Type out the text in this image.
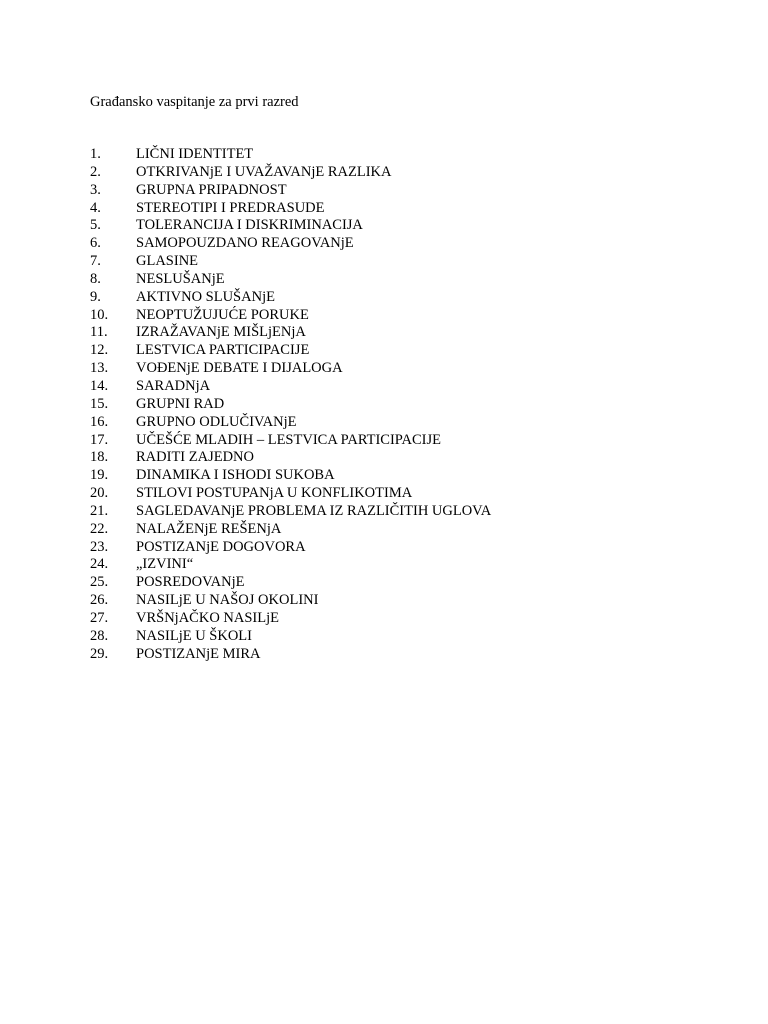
Građansko vaspitanje za prvi razred
1. LIČNI IDENTITET
2. OTKRIVANjE I UVAŽAVANjE RAZLIKA
3. GRUPNA PRIPADNOST
4. STEREOTIPI I PREDRASUDE
5. TOLERANCIJA I DISKRIMINACIJA
6. SAMOPOUZDANO REAGOVANjE
7. GLASINE
8. NESLUŠANjE
9. AKTIVNO SLUŠANjE
10. NEOPTUŽUJUĆE PORUKE
11. IZRAŽAVANjE MIŠLjENjA
12. LESTVICA PARTICIPACIJE
13. VOĐENjE DEBATE I DIJALOGA
14. SARADNjA
15. GRUPNI RAD
16. GRUPNO ODLUČIVANjE
17. UČEŠĆE MLADIH – LESTVICA PARTICIPACIJE
18. RADITI ZAJEDNO
19. DINAMIKA I ISHODI SUKOBA
20. STILOVI POSTUPANjA U KONFLIKOTIMA
21. SAGLEDAVANjE PROBLEMA IZ RAZLIČITIH UGLOVA
22. NALAŽENjE REŠENjA
23. POSTIZANjE DOGOVORA
24. „IZVINI“
25. POSREDOVANjE
26. NASILjE U NAŠOJ OKOLINI
27. VRŠNjAČKO NASILjE
28. NASILjE U ŠKOLI
29. POSTIZANjE MIRA
